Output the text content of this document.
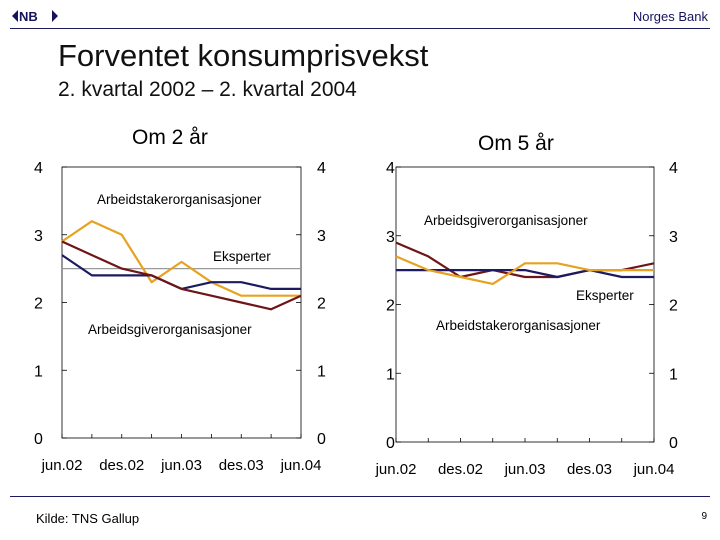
NB	Norges Bank
Forventet konsumprisvekst
2. kvartal 2002 – 2. kvartal 2004
Om 2 år	Om 5 år
0	0
1	1
2	2
3	3
4	4
jun.02 des.02 jun.03 des.03 jun.04
Arbeidstakerorganisasjoner
Eksperter
Arbeidsgiverorganisasjoner
0	0
1	1
2	2
3	3
4	4
jun.02 des.02 jun.03 des.03 jun.04
Arbeidsgiverorganisasjoner
Eksperter
Arbeidstakerorganisasjoner
Kilde: TNS Gallup	9
